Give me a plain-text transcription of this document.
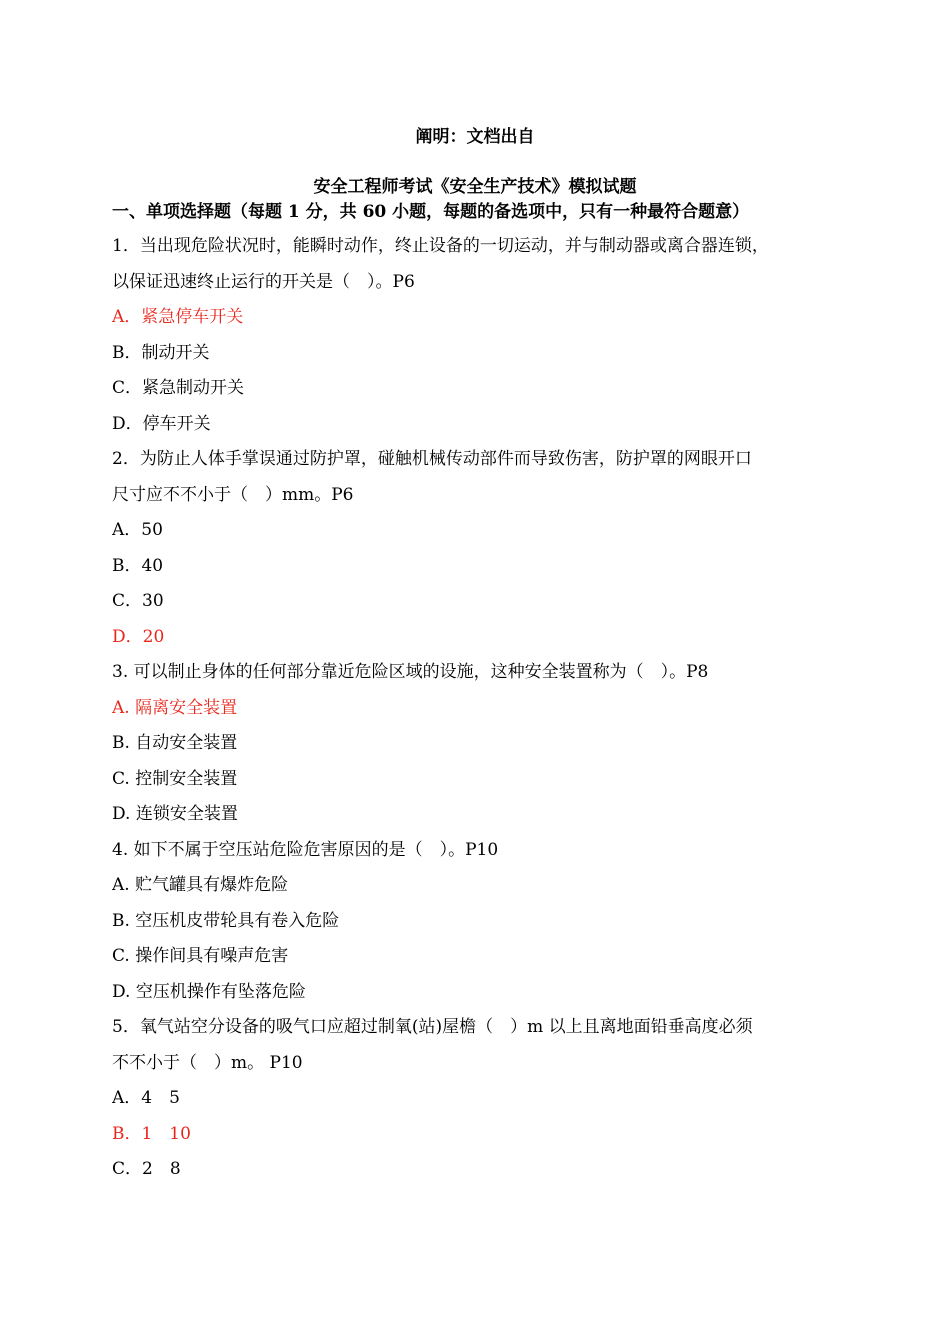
阐明：文档出自
安全工程师考试《安全生产技术》模拟试题
一、单项选择题（每题 1 分，共 60 小题，每题的备选项中，只有一种最符合题意）
1．当出现危险状况时，能瞬时动作，终止设备的一切运动，并与制动器或离合器连锁，
以保证迅速终止运行的开关是（　）。P6
A．紧急停车开关
B．制动开关
C．紧急制动开关
D．停车开关
2．为防止人体手掌误通过防护罩，碰触机械传动部件而导致伤害，防护罩的网眼开口
尺寸应不不小于（　）mm。P6
A．50
B．40
C．30
D．20
3. 可以制止身体的任何部分靠近危险区域的设施，这种安全装置称为（　）。P8
A. 隔离安全装置
B. 自动安全装置
C. 控制安全装置
D. 连锁安全装置
4. 如下不属于空压站危险危害原因的是（　）。P10
A. 贮气罐具有爆炸危险
B. 空压机皮带轮具有卷入危险
C. 操作间具有噪声危害
D. 空压机操作有坠落危险
5．氧气站空分设备的吸气口应超过制氧(站)屋檐（　）m 以上且离地面铅垂高度必须
不不小于（　）m。 P10
A．4　5
B．1　10
C．2　8
